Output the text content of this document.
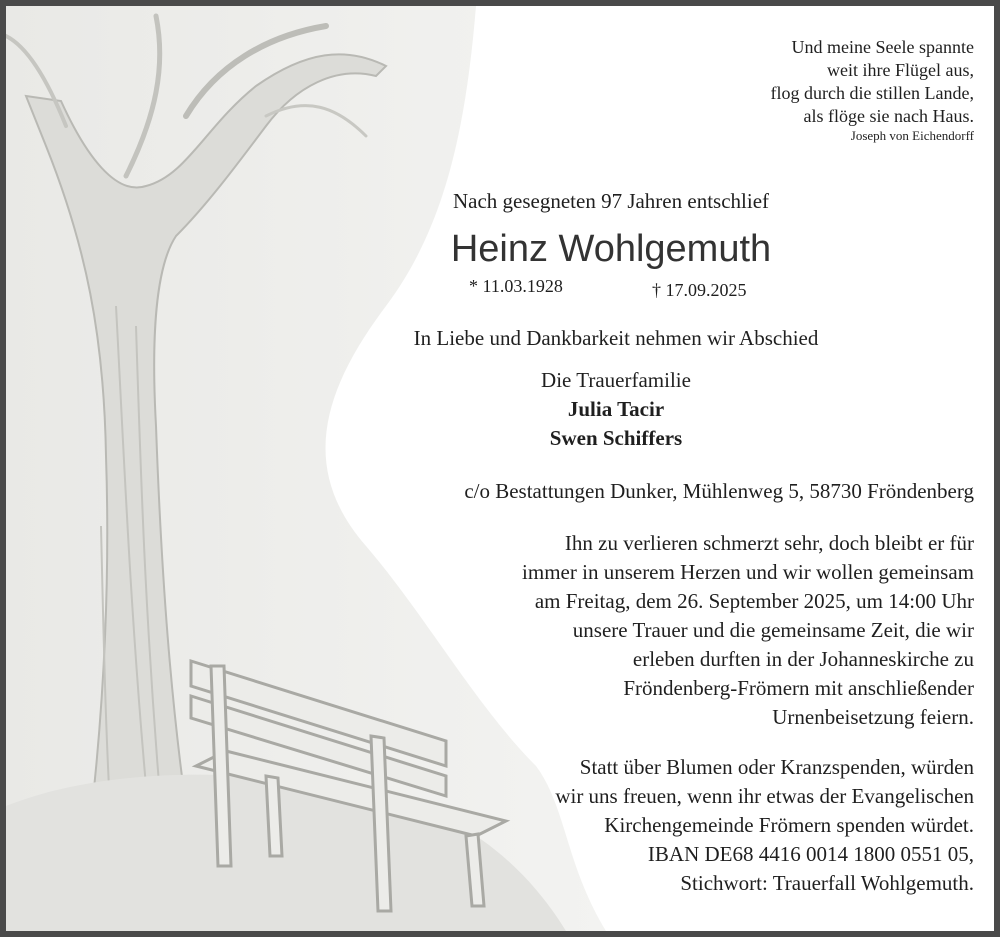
Und meine Seele spannte
weit ihre Flügel aus,
flog durch die stillen Lande,
als flöge sie nach Haus.
Joseph von Eichendorff
Nach gesegneten 97 Jahren entschlief
Heinz Wohlgemuth
* 11.03.1928	† 17.09.2025
In Liebe und Dankbarkeit nehmen wir Abschied
Die Trauerfamilie
Julia Tacir
Swen Schiffers
c/o Bestattungen Dunker, Mühlenweg 5, 58730 Fröndenberg
Ihn zu verlieren schmerzt sehr, doch bleibt er für
immer in unserem Herzen und wir wollen gemeinsam
am Freitag, dem 26. September 2025, um 14:00 Uhr
unsere Trauer und die gemeinsame Zeit, die wir
erleben durften in der Johanneskirche zu
Fröndenberg-Frömern mit anschließender
Urnenbeisetzung feiern.
Statt über Blumen oder Kranzspenden, würden
wir uns freuen, wenn ihr etwas der Evangelischen
Kirchengemeinde Frömern spenden würdet.
IBAN DE68 4416 0014 1800 0551 05,
Stichwort: Trauerfall Wohlgemuth.
